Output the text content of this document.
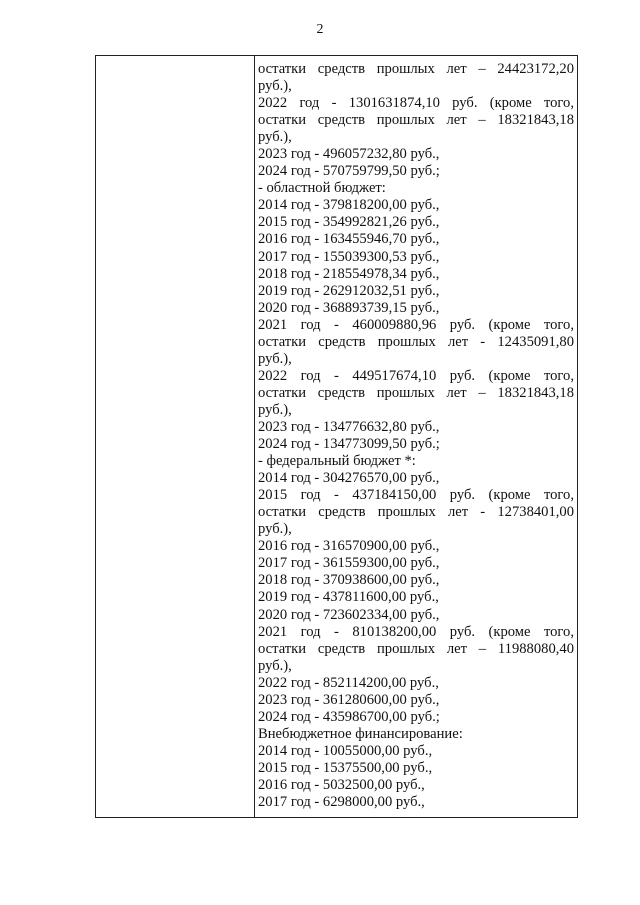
2
остатки средств прошлых лет – 24423172,20
руб.),
2022 год - 1301631874,10 руб. (кроме того,
остатки средств прошлых лет – 18321843,18
руб.),
2023 год - 496057232,80 руб.,
2024 год - 570759799,50 руб.;
- областной бюджет:
2014 год - 379818200,00 руб.,
2015 год - 354992821,26 руб.,
2016 год - 163455946,70 руб.,
2017 год - 155039300,53 руб.,
2018 год - 218554978,34 руб.,
2019 год - 262912032,51 руб.,
2020 год - 368893739,15 руб.,
2021 год - 460009880,96 руб. (кроме того,
остатки средств прошлых лет - 12435091,80
руб.),
2022 год - 449517674,10 руб. (кроме того,
остатки средств прошлых лет – 18321843,18
руб.),
2023 год - 134776632,80 руб.,
2024 год - 134773099,50 руб.;
- федеральный бюджет *:
2014 год - 304276570,00 руб.,
2015 год - 437184150,00 руб. (кроме того,
остатки средств прошлых лет - 12738401,00
руб.),
2016 год - 316570900,00 руб.,
2017 год - 361559300,00 руб.,
2018 год - 370938600,00 руб.,
2019 год - 437811600,00 руб.,
2020 год - 723602334,00 руб.,
2021 год - 810138200,00 руб. (кроме того,
остатки средств прошлых лет – 11988080,40
руб.),
2022 год - 852114200,00 руб.,
2023 год - 361280600,00 руб.,
2024 год - 435986700,00 руб.;
Внебюджетное финансирование:
2014 год - 10055000,00 руб.,
2015 год - 15375500,00 руб.,
2016 год - 5032500,00 руб.,
2017 год - 6298000,00 руб.,
